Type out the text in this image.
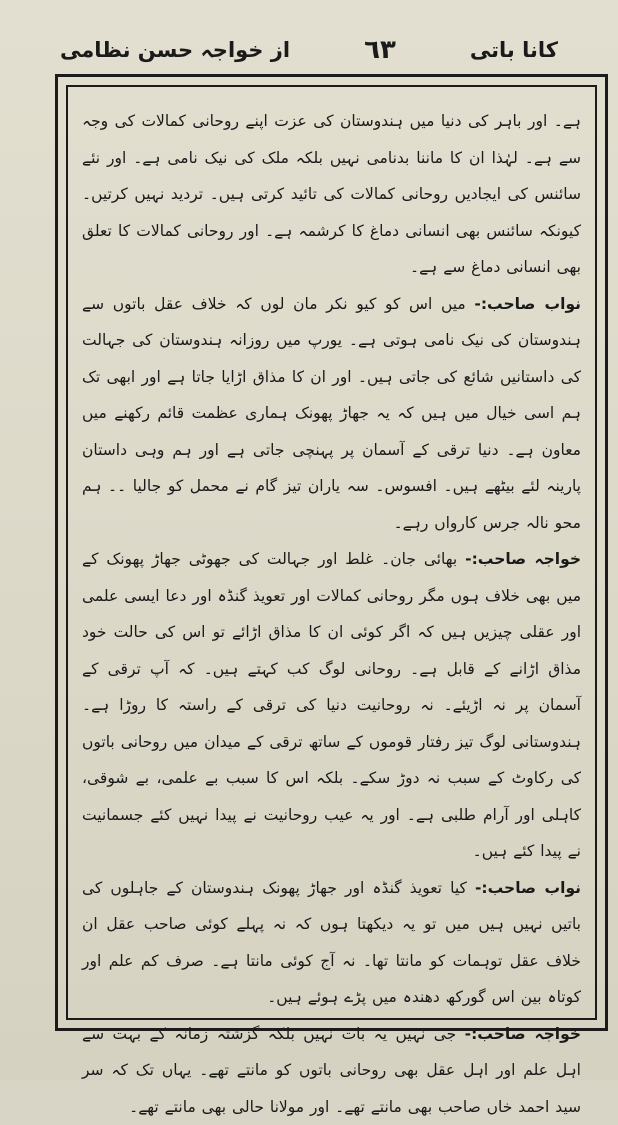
از خواجہ حسن نظامی	٦٣	کانا باتی

ہے۔ اور باہر کی دنیا میں ہندوستان کی عزت اپنے روحانی کمالات کی وجہ سے ہے۔ لہٰذا ان کا ماننا بدنامی نہیں بلکہ ملک کی نیک نامی ہے۔ اور نئے سائنس کی ایجادیں روحانی کمالات کی تائید کرتی ہیں۔ تردید نہیں کرتیں۔ کیونکہ سائنس بھی انسانی دماغ کا کرشمہ ہے۔ اور روحانی کمالات کا تعلق بھی انسانی دماغ سے ہے۔

نواب صاحب:- میں اس کو کیو نکر مان لوں کہ خلاف عقل باتوں سے ہندوستان کی نیک نامی ہوتی ہے۔ یورپ میں روزانہ ہندوستان کی جہالت کی داستانیں شائع کی جاتی ہیں۔ اور ان کا مذاق اڑایا جاتا ہے اور ابھی تک ہم اسی خیال میں ہیں کہ یہ جھاڑ پھونک ہماری عظمت قائم رکھنے میں معاون ہے۔ دنیا ترقی کے آسمان پر پہنچی جاتی ہے اور ہم وہی داستان پارینہ لئے بیٹھے ہیں۔ افسوس۔ سہ یاران تیز گام نے محمل کو جالیا ۔۔ ہم محو نالہ جرس کارواں رہے۔

خواجہ صاحب:- بھائی جان۔ غلط اور جہالت کی جھوٹی جھاڑ پھونک کے میں بھی خلاف ہوں مگر روحانی کمالات اور تعویذ گنڈہ اور دعا ایسی علمی اور عقلی چیزیں ہیں کہ اگر کوئی ان کا مذاق اڑائے تو اس کی حالت خود مذاق اڑانے کے قابل ہے۔ روحانی لوگ کب کہتے ہیں۔ کہ آپ ترقی کے آسمان پر نہ اڑیئے۔ نہ روحانیت دنیا کی ترقی کے راستہ کا روڑا ہے۔ ہندوستانی لوگ تیز رفتار قوموں کے ساتھ ترقی کے میدان میں روحانی باتوں کی رکاوٹ کے سبب نہ دوڑ سکے۔ بلکہ اس کا سبب بے علمی، بے شوقی، کاہلی اور آرام طلبی ہے۔ اور یہ عیب روحانیت نے پیدا نہیں کئے جسمانیت نے پیدا کئے ہیں۔

نواب صاحب:- کیا تعویذ گنڈہ اور جھاڑ پھونک ہندوستان کے جاہلوں کی باتیں نہیں ہیں میں تو یہ دیکھتا ہوں کہ نہ پہلے کوئی صاحب عقل ان خلاف عقل توہمات کو مانتا تھا۔ نہ آج کوئی مانتا ہے۔ صرف کم علم اور کوتاہ بین اس گورکھ دھندہ میں پڑے ہوئے ہیں۔

خواجہ صاحب:- جی نہیں یہ بات نہیں بلکہ گزشتہ زمانہ کے بہت سے اہل علم اور اہل عقل بھی روحانی باتوں کو مانتے تھے۔ یہاں تک کہ سر سید احمد خاں صاحب بھی مانتے تھے۔ اور مولانا حالی بھی مانتے تھے۔
